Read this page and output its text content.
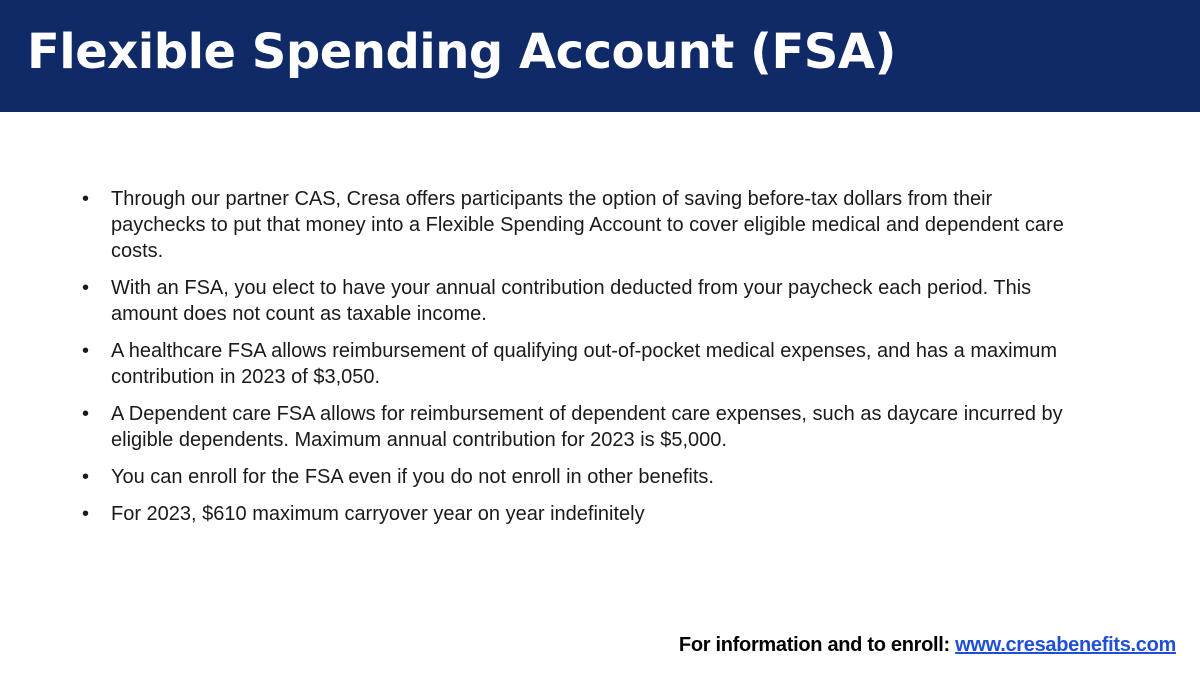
Flexible Spending Account (FSA)
•	Through our partner CAS, Cresa offers participants the option of saving before-tax dollars from their paychecks to put that money into a Flexible Spending Account to cover eligible medical and dependent care costs.
•	With an FSA, you elect to have your annual contribution deducted from your paycheck each period. This amount does not count as taxable income.
•	A healthcare FSA allows reimbursement of qualifying out-of-pocket medical expenses, and has a maximum contribution in 2023 of $3,050.
•	A Dependent care FSA allows for reimbursement of dependent care expenses, such as daycare incurred by eligible dependents. Maximum annual contribution for 2023 is $5,000.
•	You can enroll for the FSA even if you do not enroll in other benefits.
•	For 2023, $610 maximum carryover year on year indefinitely
For information and to enroll: www.cresabenefits.com
